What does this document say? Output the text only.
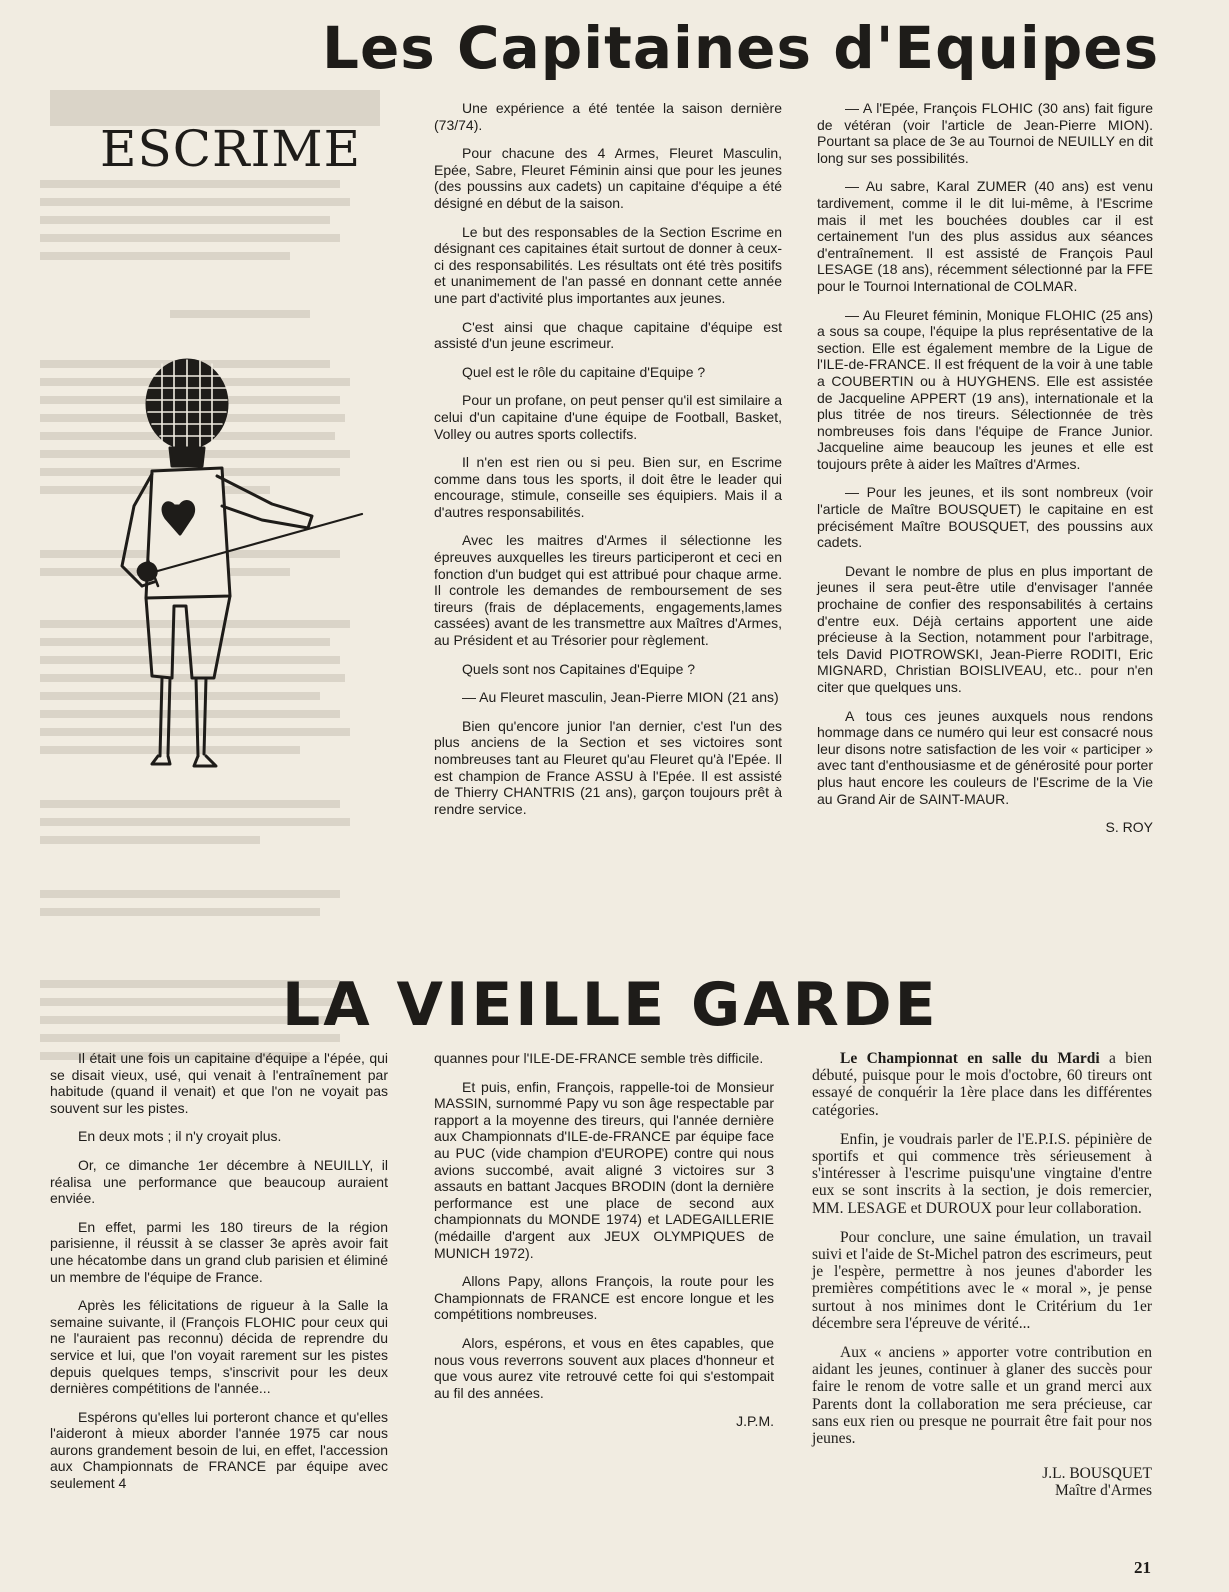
Les Capitaines d'Equipes
ESCRIME

Une expérience a été tentée la saison dernière (73/74).

Pour chacune des 4 Armes, Fleuret Masculin, Epée, Sabre, Fleuret Féminin ainsi que pour les jeunes (des poussins aux cadets) un capitaine d'équipe a été désigné en début de la saison.

Le but des responsables de la Section Escrime en désignant ces capitaines était surtout de donner à ceux-ci des responsabilités. Les résultats ont été très positifs et unanimement de l'an passé en donnant cette année une part d'activité plus importantes aux jeunes.

C'est ainsi que chaque capitaine d'équipe est assisté d'un jeune escrimeur.

Quel est le rôle du capitaine d'Equipe ?

Pour un profane, on peut penser qu'il est similaire a celui d'un capitaine d'une équipe de Football, Basket, Volley ou autres sports collectifs.

Il n'en est rien ou si peu. Bien sur, en Escrime comme dans tous les sports, il doit être le leader qui encourage, stimule, conseille ses équipiers. Mais il a d'autres responsabilités.

Avec les maitres d'Armes il sélectionne les épreuves auxquelles les tireurs participeront et ceci en fonction d'un budget qui est attribué pour chaque arme. Il controle les demandes de remboursement de ses tireurs (frais de déplacements, engagements,lames cassées) avant de les transmettre aux Maîtres d'Armes, au Président et au Trésorier pour règlement.

Quels sont nos Capitaines d'Equipe ?

— Au Fleuret masculin, Jean-Pierre MION (21 ans)

Bien qu'encore junior l'an dernier, c'est l'un des plus anciens de la Section et ses victoires sont nombreuses tant au Fleuret qu'au Fleuret qu'à l'Epée. Il est champion de France ASSU à l'Epée. Il est assisté de Thierry CHANTRIS (21 ans), garçon toujours prêt à rendre service.

— A l'Epée, François FLOHIC (30 ans) fait figure de vétéran (voir l'article de Jean-Pierre MION). Pourtant sa place de 3e au Tournoi de NEUILLY en dit long sur ses possibilités.

— Au sabre, Karal ZUMER (40 ans) est venu tardivement, comme il le dit lui-même, à l'Escrime mais il met les bouchées doubles car il est certainement l'un des plus assidus aux séances d'entraînement. Il est assisté de François Paul LESAGE (18 ans), récemment sélectionné par la FFE pour le Tournoi International de COLMAR.

— Au Fleuret féminin, Monique FLOHIC (25 ans) a sous sa coupe, l'équipe la plus représentative de la section. Elle est également membre de la Ligue de l'ILE-de-FRANCE. Il est fréquent de la voir à une table a COUBERTIN ou à HUYGHENS. Elle est assistée de Jacqueline APPERT (19 ans), internationale et la plus titrée de nos tireurs. Sélectionnée de très nombreuses fois dans l'équipe de France Junior. Jacqueline aime beaucoup les jeunes et elle est toujours prête à aider les Maîtres d'Armes.

— Pour les jeunes, et ils sont nombreux (voir l'article de Maître BOUSQUET) le capitaine en est précisément Maître BOUSQUET, des poussins aux cadets.

Devant le nombre de plus en plus important de jeunes il sera peut-être utile d'envisager l'année prochaine de confier des responsabilités à certains d'entre eux. Déjà certains apportent une aide précieuse à la Section, notamment pour l'arbitrage, tels David PIOTROWSKI, Jean-Pierre RODITI, Eric MIGNARD, Christian BOISLIVEAU, etc.. pour n'en citer que quelques uns.

A tous ces jeunes auxquels nous rendons hommage dans ce numéro qui leur est consacré nous leur disons notre satisfaction de les voir « participer » avec tant d'enthousiasme et de générosité pour porter plus haut encore les couleurs de l'Escrime de la Vie au Grand Air de SAINT-MAUR.

S. ROY
LA VIEILLE GARDE

Il était une fois un capitaine d'équipe a l'épée, qui se disait vieux, usé, qui venait à l'entraînement par habitude (quand il venait) et que l'on ne voyait pas souvent sur les pistes.

En deux mots ; il n'y croyait plus.

Or, ce dimanche 1er décembre à NEUILLY, il réalisa une performance que beaucoup auraient enviée.

En effet, parmi les 180 tireurs de la région parisienne, il réussit à se classer 3e après avoir fait une hécatombe dans un grand club parisien et éliminé un membre de l'équipe de France.

Après les félicitations de rigueur à la Salle la semaine suivante, il (François FLOHIC pour ceux qui ne l'auraient pas reconnu) décida de reprendre du service et lui, que l'on voyait rarement sur les pistes depuis quelques temps, s'inscrivit pour les deux dernières compétitions de l'année...

Espérons qu'elles lui porteront chance et qu'elles l'aideront à mieux aborder l'année 1975 car nous aurons grandement besoin de lui, en effet, l'accession aux Championnats de FRANCE par équipe avec seulement 4

quannes pour l'ILE-DE-FRANCE semble très difficile.

Et puis, enfin, François, rappelle-toi de Monsieur MASSIN, surnommé Papy vu son âge respectable par rapport a la moyenne des tireurs, qui l'année dernière aux Championnats d'ILE-de-FRANCE par équipe face au PUC (vide champion d'EUROPE) contre qui nous avions succombé, avait aligné 3 victoires sur 3 assauts en battant Jacques BRODIN (dont la dernière performance est une place de second aux championnats du MONDE 1974) et LADEGAILLERIE (médaille d'argent aux JEUX OLYMPIQUES de MUNICH 1972).

Allons Papy, allons François, la route pour les Championnats de FRANCE est encore longue et les compétitions nombreuses.

Alors, espérons, et vous en êtes capables, que nous vous reverrons souvent aux places d'honneur et que vous aurez vite retrouvé cette foi qui s'estompait au fil des années.

J.P.M.

Le Championnat en salle du Mardi a bien débuté, puisque pour le mois d'octobre, 60 tireurs ont essayé de conquérir la 1ère place dans les différentes catégories.

Enfin, je voudrais parler de l'E.P.I.S. pépinière de sportifs et qui commence très sérieusement à s'intéresser à l'escrime puisqu'une vingtaine d'entre eux se sont inscrits à la section, je dois remercier, MM. LESAGE et DUROUX pour leur collaboration.

Pour conclure, une saine émulation, un travail suivi et l'aide de St-Michel patron des escrimeurs, peut je l'espère, permettre à nos jeunes d'aborder les premières compétitions avec le « moral », je pense surtout à nos minimes dont le Critérium du 1er décembre sera l'épreuve de vérité...

Aux « anciens » apporter votre contribution en aidant les jeunes, continuer à glaner des succès pour faire le renom de votre salle et un grand merci aux Parents dont la collaboration me sera précieuse, car sans eux rien ou presque ne pourrait être fait pour nos jeunes.

J.L. BOUSQUET
Maître d'Armes
21
